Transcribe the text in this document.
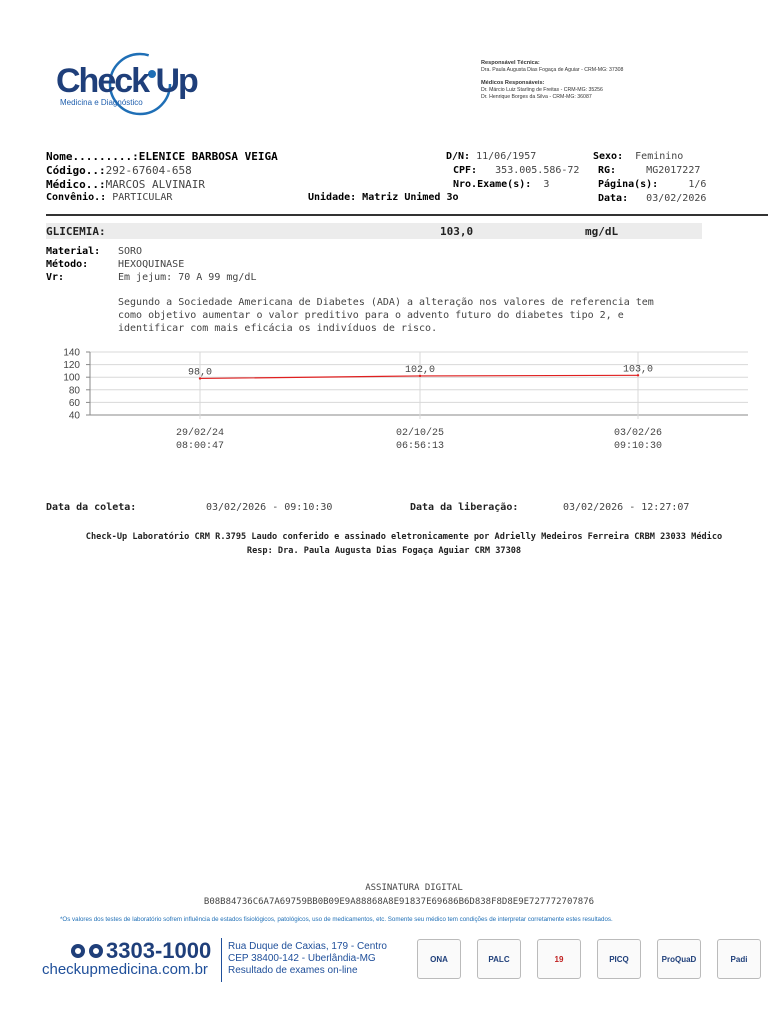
Check Up
Medicina e Diagnóstico
Responsável Técnica:
Dra. Paula Augusta Dias Fogaça de Aguiar - CRM-MG: 37308
Médicos Responsáveis:
Dr. Márcio Luiz Starling de Freitas - CRM-MG: 35256
Dr. Henrique Borges da Silva - CRM-MG: 36087
Nome.........:ELENICE BARBOSA VEIGA
Código..:292-67604-658
Médico..:MARCOS ALVINAIR
Convênio.: PARTICULAR	Unidade: Matriz Unimed 3o
D/N: 11/06/1957
CPF: 353.005.586-72
Nro.Exame(s): 3
Sexo: Feminino
RG:	MG2017227
Página(s):	1/6
Data: 03/02/2026
GLICEMIA:	103,0	mg/dL
Material: SORO
Método:	HEXOQUINASE
Vr:	Em jejum: 70 A 99 mg/dL
Segundo a Sociedade Americana de Diabetes (ADA) a alteração nos valores de referencia tem
como objetivo aumentar o valor preditivo para o advento futuro do diabetes tipo 2, e
identificar com mais eficácia os indivíduos de risco.
140
120
100
80
60
40
29/02/24
08:00:47
02/10/25
06:56:13
03/02/26
09:10:30
98,0	102,0	103,0
Data da coleta:	03/02/2026 - 09:10:30	Data da liberação:	03/02/2026 - 12:27:07
Check-Up Laboratório CRM R.3795 Laudo conferido e assinado eletronicamente por Adrielly Medeiros Ferreira CRBM 23033 Médico
Resp: Dra. Paula Augusta Dias Fogaça Aguiar CRM 37308
ASSINATURA DIGITAL
B08B84736C6A7A69759BB0B09E9A88868A8E91837E69686B6D838F8D8E9E727772707876
*Os valores dos testes de laboratório sofrem influência de estados fisiológicos, patológicos, uso de medicamentos, etc. Somente seu médico tem condições de interpretar corretamente estes resultados.
3303-1000
checkupmedicina.com.br
Rua Duque de Caxias, 179 - Centro
CEP 38400-142 - Uberlândia-MG
Resultado de exames on-line
ONA	PALC	19	PICQ	ProQuaD	Padi
